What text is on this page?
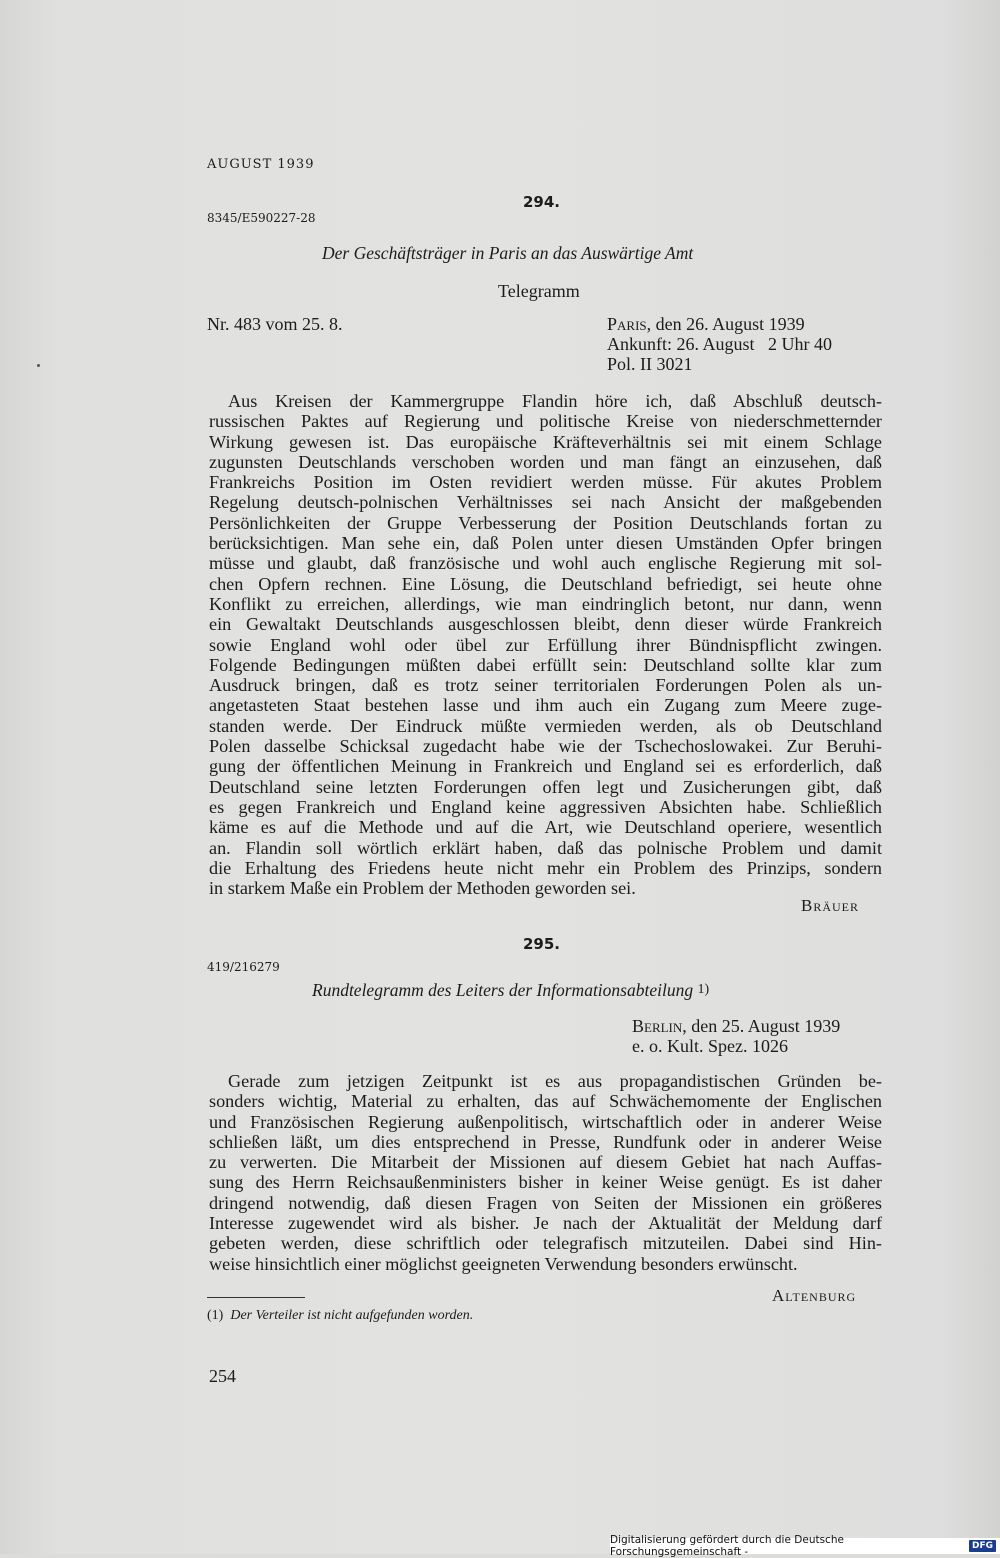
AUGUST 1939
294.
8345/E590227-28
Der Geschäftsträger in Paris an das Auswärtige Amt
Telegramm
Nr. 483 vom 25. 8.	Paris, den 26. August 1939
Ankunft: 26. August   2 Uhr 40
Pol. II 3021
Aus Kreisen der Kammergruppe Flandin höre ich, daß Abschluß deutsch-
russischen Paktes auf Regierung und politische Kreise von niederschmetternder
Wirkung gewesen ist. Das europäische Kräfteverhältnis sei mit einem Schlage
zugunsten Deutschlands verschoben worden und man fängt an einzusehen, daß
Frankreichs Position im Osten revidiert werden müsse. Für akutes Problem
Regelung deutsch-polnischen Verhältnisses sei nach Ansicht der maßgebenden
Persönlichkeiten der Gruppe Verbesserung der Position Deutschlands fortan zu
berücksichtigen. Man sehe ein, daß Polen unter diesen Umständen Opfer bringen
müsse und glaubt, daß französische und wohl auch englische Regierung mit sol-
chen Opfern rechnen. Eine Lösung, die Deutschland befriedigt, sei heute ohne
Konflikt zu erreichen, allerdings, wie man eindringlich betont, nur dann, wenn
ein Gewaltakt Deutschlands ausgeschlossen bleibt, denn dieser würde Frankreich
sowie England wohl oder übel zur Erfüllung ihrer Bündnispflicht zwingen.
Folgende Bedingungen müßten dabei erfüllt sein: Deutschland sollte klar zum
Ausdruck bringen, daß es trotz seiner territorialen Forderungen Polen als un-
angetasteten Staat bestehen lasse und ihm auch ein Zugang zum Meere zuge-
standen werde. Der Eindruck müßte vermieden werden, als ob Deutschland
Polen dasselbe Schicksal zugedacht habe wie der Tschechoslowakei. Zur Beruhi-
gung der öffentlichen Meinung in Frankreich und England sei es erforderlich, daß
Deutschland seine letzten Forderungen offen legt und Zusicherungen gibt, daß
es gegen Frankreich und England keine aggressiven Absichten habe. Schließlich
käme es auf die Methode und auf die Art, wie Deutschland operiere, wesentlich
an. Flandin soll wörtlich erklärt haben, daß das polnische Problem und damit
die Erhaltung des Friedens heute nicht mehr ein Problem des Prinzips, sondern
in starkem Maße ein Problem der Methoden geworden sei.
Bräuer
295.
419/216279
Rundtelegramm des Leiters der Informationsabteilung 1)
Berlin, den 25. August 1939
e. o. Kult. Spez. 1026
Gerade zum jetzigen Zeitpunkt ist es aus propagandistischen Gründen be-
sonders wichtig, Material zu erhalten, das auf Schwächemomente der Englischen
und Französischen Regierung außenpolitisch, wirtschaftlich oder in anderer Weise
schließen läßt, um dies entsprechend in Presse, Rundfunk oder in anderer Weise
zu verwerten. Die Mitarbeit der Missionen auf diesem Gebiet hat nach Auffas-
sung des Herrn Reichsaußenministers bisher in keiner Weise genügt. Es ist daher
dringend notwendig, daß diesen Fragen von Seiten der Missionen ein größeres
Interesse zugewendet wird als bisher. Je nach der Aktualität der Meldung darf
gebeten werden, diese schriftlich oder telegrafisch mitzuteilen. Dabei sind Hin-
weise hinsichtlich einer möglichst geeigneten Verwendung besonders erwünscht.
Altenburg
(1) Der Verteiler ist nicht aufgefunden worden.
254
Digitalisierung gefördert durch die Deutsche Forschungsgemeinschaft -	DFG
